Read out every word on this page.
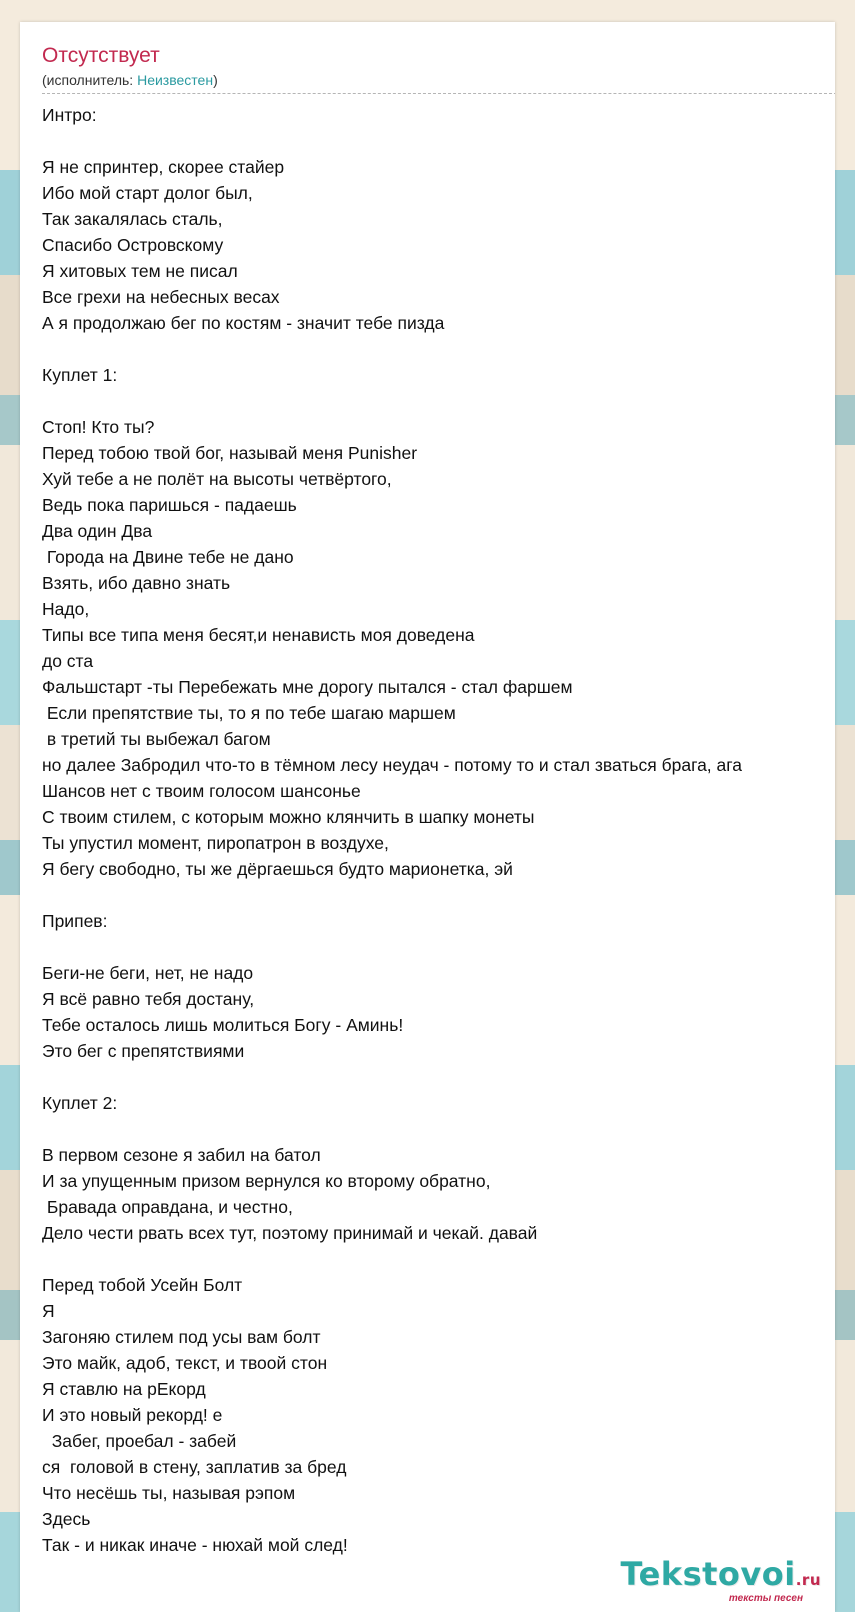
Отсутствует
(исполнитель: Неизвестен)
Интро:
Я не спринтер, скорее стайер
Ибо мой старт долог был,
Так закалялась сталь,
Спасибо Островскому
Я хитовых тем не писал
Все грехи на небесных весах
А я продолжаю бег по костям - значит тебе пизда
Куплет 1:
Стоп! Кто ты?
Перед тобою твой бог, называй меня Punisher
Хуй тебе а не полёт на высоты четвёртого,
Ведь пока паришься - падаешь
Два один Два
Города на Двине тебе не дано
Взять, ибо давно знать
Надо,
Типы все типа меня бесят,и ненависть моя доведена
до ста
Фальшстарт -ты Перебежать мне дорогу пытался - стал фаршем
Если препятствие ты, то я по тебе шагаю маршем
в третий ты выбежал багом
но далее Забродил что-то в тёмном лесу неудач - потому то и стал зваться брага, ага
Шансов нет с твоим голосом шансонье
С твоим стилем, с которым можно клянчить в шапку монеты
Ты упустил момент, пиропатрон в воздухе,
Я бегу свободно, ты же дёргаешься будто марионетка, эй
Припев:
Беги-не беги, нет, не надо
Я всё равно тебя достану,
Тебе осталось лишь молиться Богу - Аминь!
Это бег с препятствиями
Куплет 2:
В первом сезоне я забил на батол
И за упущенным призом вернулся ко второму обратно,
Бравада оправдана, и честно,
Дело чести рвать всех тут, поэтому принимай и чекай. давай
Перед тобой Усейн Болт
Я
Загоняю стилем под усы вам болт
Это майк, адоб, текст, и твоой стон
Я ставлю на рЕкорд
И это новый рекорд! е
Забег, проебал - забей
ся  головой в стену, заплатив за бред
Что несёшь ты, называя рэпом
Здесь
Так - и никак иначе - нюхай мой след!
Tekstovoi.ru
тексты песен
